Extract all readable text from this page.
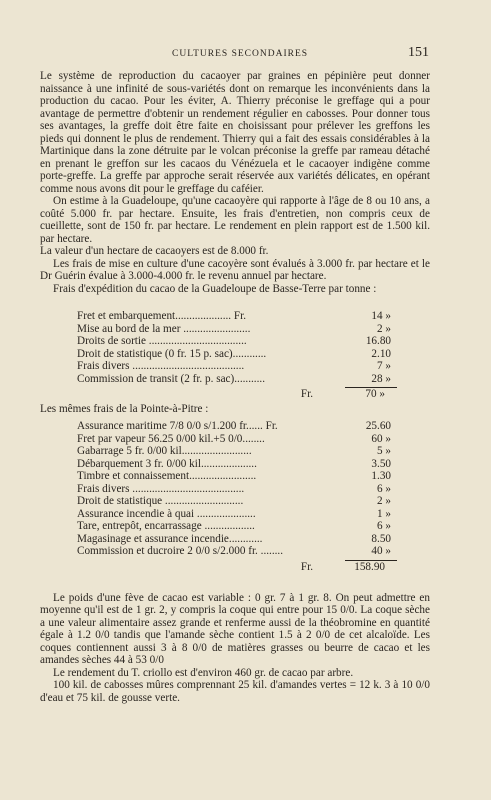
CULTURES SECONDAIRES	151

Le système de reproduction du cacaoyer par graines en pépinière peut donner naissance à une infinité de sous-variétés dont on remarque les inconvénients dans la production du cacao. Pour les éviter, A. Thierry préconise le greffage qui a pour avantage de permettre d'obtenir un rendement régulier en cabosses. Pour donner tous ses avantages, la greffe doit être faite en choisissant pour prélever les greffons les pieds qui donnent le plus de rendement. Thierry qui a fait des essais considérables à la Martinique dans la zone détruite par le volcan préconise la greffe par rameau détaché en prenant le greffon sur les cacaos du Vénézuela et le cacaoyer indigène comme porte-greffe. La greffe par approche serait réservée aux variétés délicates, en opérant comme nous avons dit pour le greffage du caféier.

On estime à la Guadeloupe, qu'une cacaoyère qui rapporte à l'âge de 8 ou 10 ans, a coûté 5.000 fr. par hectare. Ensuite, les frais d'entretien, non compris ceux de cueillette, sont de 150 fr. par hectare. Le rendement en plein rapport est de 1.500 kil. par hectare.

La valeur d'un hectare de cacaoyers est de 8.000 fr.

Les frais de mise en culture d'une cacoyère sont évalués à 3.000 fr. par hectare et le Dr Guérin évalue à 3.000-4.000 fr. le revenu annuel par hectare.

Frais d'expédition du cacao de la Guadeloupe de Basse-Terre par tonne :

Fret et embarquement.................... Fr.	14 »
Mise au bord de la mer ........................	2 »
Droits de sortie ...................................	16.80
Droit de statistique (0 fr. 15 p. sac)............	2.10
Frais divers ........................................	7 »
Commission de transit (2 fr. p. sac)...........	28 »
Fr.	70 »

Les mêmes frais de la Pointe-à-Pitre :

Assurance maritime 7/8 0/0 s/1.200 fr...... Fr.	25.60
Fret par vapeur 56.25 0/00 kil.+5 0/0........	60 »
Gabarrage 5 fr. 0/00 kil.........................	5 »
Débarquement 3 fr. 0/00 kil....................	3.50
Timbre et connaissement........................	1.30
Frais divers ........................................	6 »
Droit de statistique ............................	2 »
Assurance incendie à quai .....................	1 »
Tare, entrepôt, encarrassage ..................	6 »
Magasinage et assurance incendie............	8.50
Commission et ducroire 2 0/0 s/2.000 fr. ........	40 »
Fr.	158.90

Le poids d'une fève de cacao est variable : 0 gr. 7 à 1 gr. 8. On peut admettre en moyenne qu'il est de 1 gr. 2, y compris la coque qui entre pour 15 0/0. La coque sèche a une valeur alimentaire assez grande et renferme aussi de la théobromine en quantité égale à 1.2 0/0 tandis que l'amande sèche contient 1.5 à 2 0/0 de cet alcaloïde. Les coques contiennent aussi 3 à 8 0/0 de matières grasses ou beurre de cacao et les amandes sèches 44 à 53 0/0

Le rendement du T. criollo est d'environ 460 gr. de cacao par arbre.

100 kil. de cabosses mûres comprennant 25 kil. d'amandes vertes = 12 k. 3 à 10 0/0 d'eau et 75 kil. de gousse verte.
